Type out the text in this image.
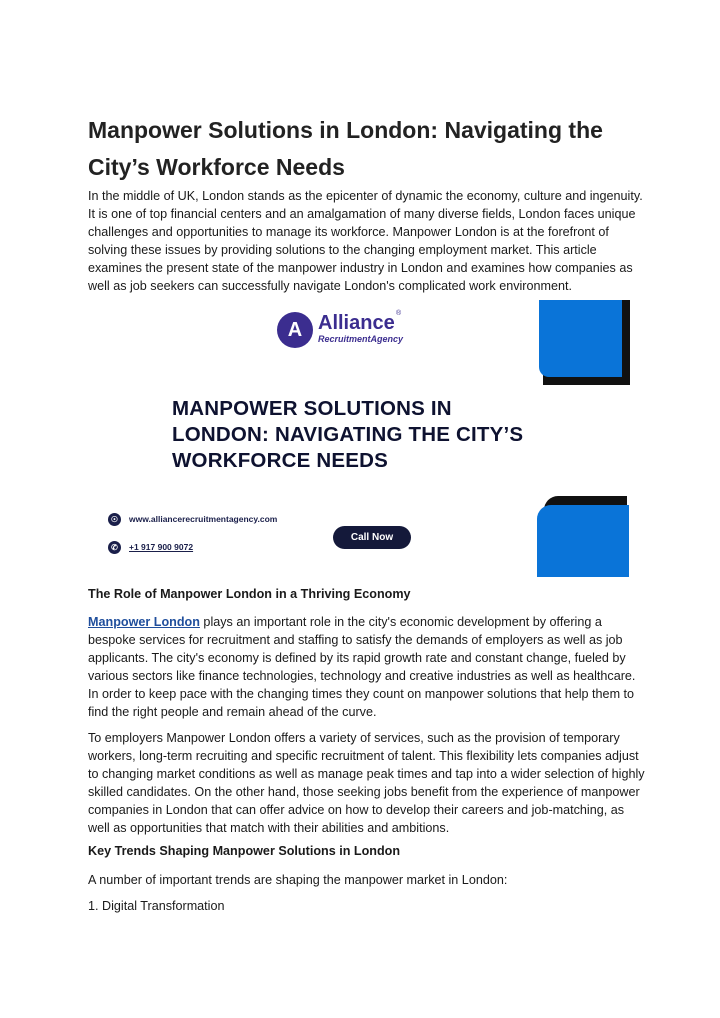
Manpower Solutions in London: Navigating the City’s Workforce Needs

In the middle of UK, London stands as the epicenter of dynamic the economy, culture and ingenuity. It is one of top financial centers and an amalgamation of many diverse fields, London faces unique challenges and opportunities to manage its workforce. Manpower London is at the forefront of solving these issues by providing solutions to the changing employment market. This article examines the present state of the manpower industry in London and examines how companies as well as job seekers can successfully navigate London's complicated work environment.

A Alliance
RecruitmentAgency
®
MANPOWER SOLUTIONS IN LONDON: NAVIGATING THE CITY’S WORKFORCE NEEDS
☉ www.alliancerecruitmentagency.com
✆ +1 917 900 9072
Call Now
The Role of Manpower London in a Thriving Economy

Manpower London plays an important role in the city's economic development by offering a bespoke services for recruitment and staffing to satisfy the demands of employers as well as job applicants. The city's economy is defined by its rapid growth rate and constant change, fueled by various sectors like finance technologies, technology and creative industries as well as healthcare. In order to keep pace with the changing times they count on manpower solutions that help them to find the right people and remain ahead of the curve.

To employers Manpower London offers a variety of services, such as the provision of temporary workers, long-term recruiting and specific recruitment of talent. This flexibility lets companies adjust to changing market conditions as well as manage peak times and tap into a wider selection of highly skilled candidates. On the other hand, those seeking jobs benefit from the experience of manpower companies in London that can offer advice on how to develop their careers and job-matching, as well as opportunities that match with their abilities and ambitions.

Key Trends Shaping Manpower Solutions in London

A number of important trends are shaping the manpower market in London:

1. Digital Transformation
